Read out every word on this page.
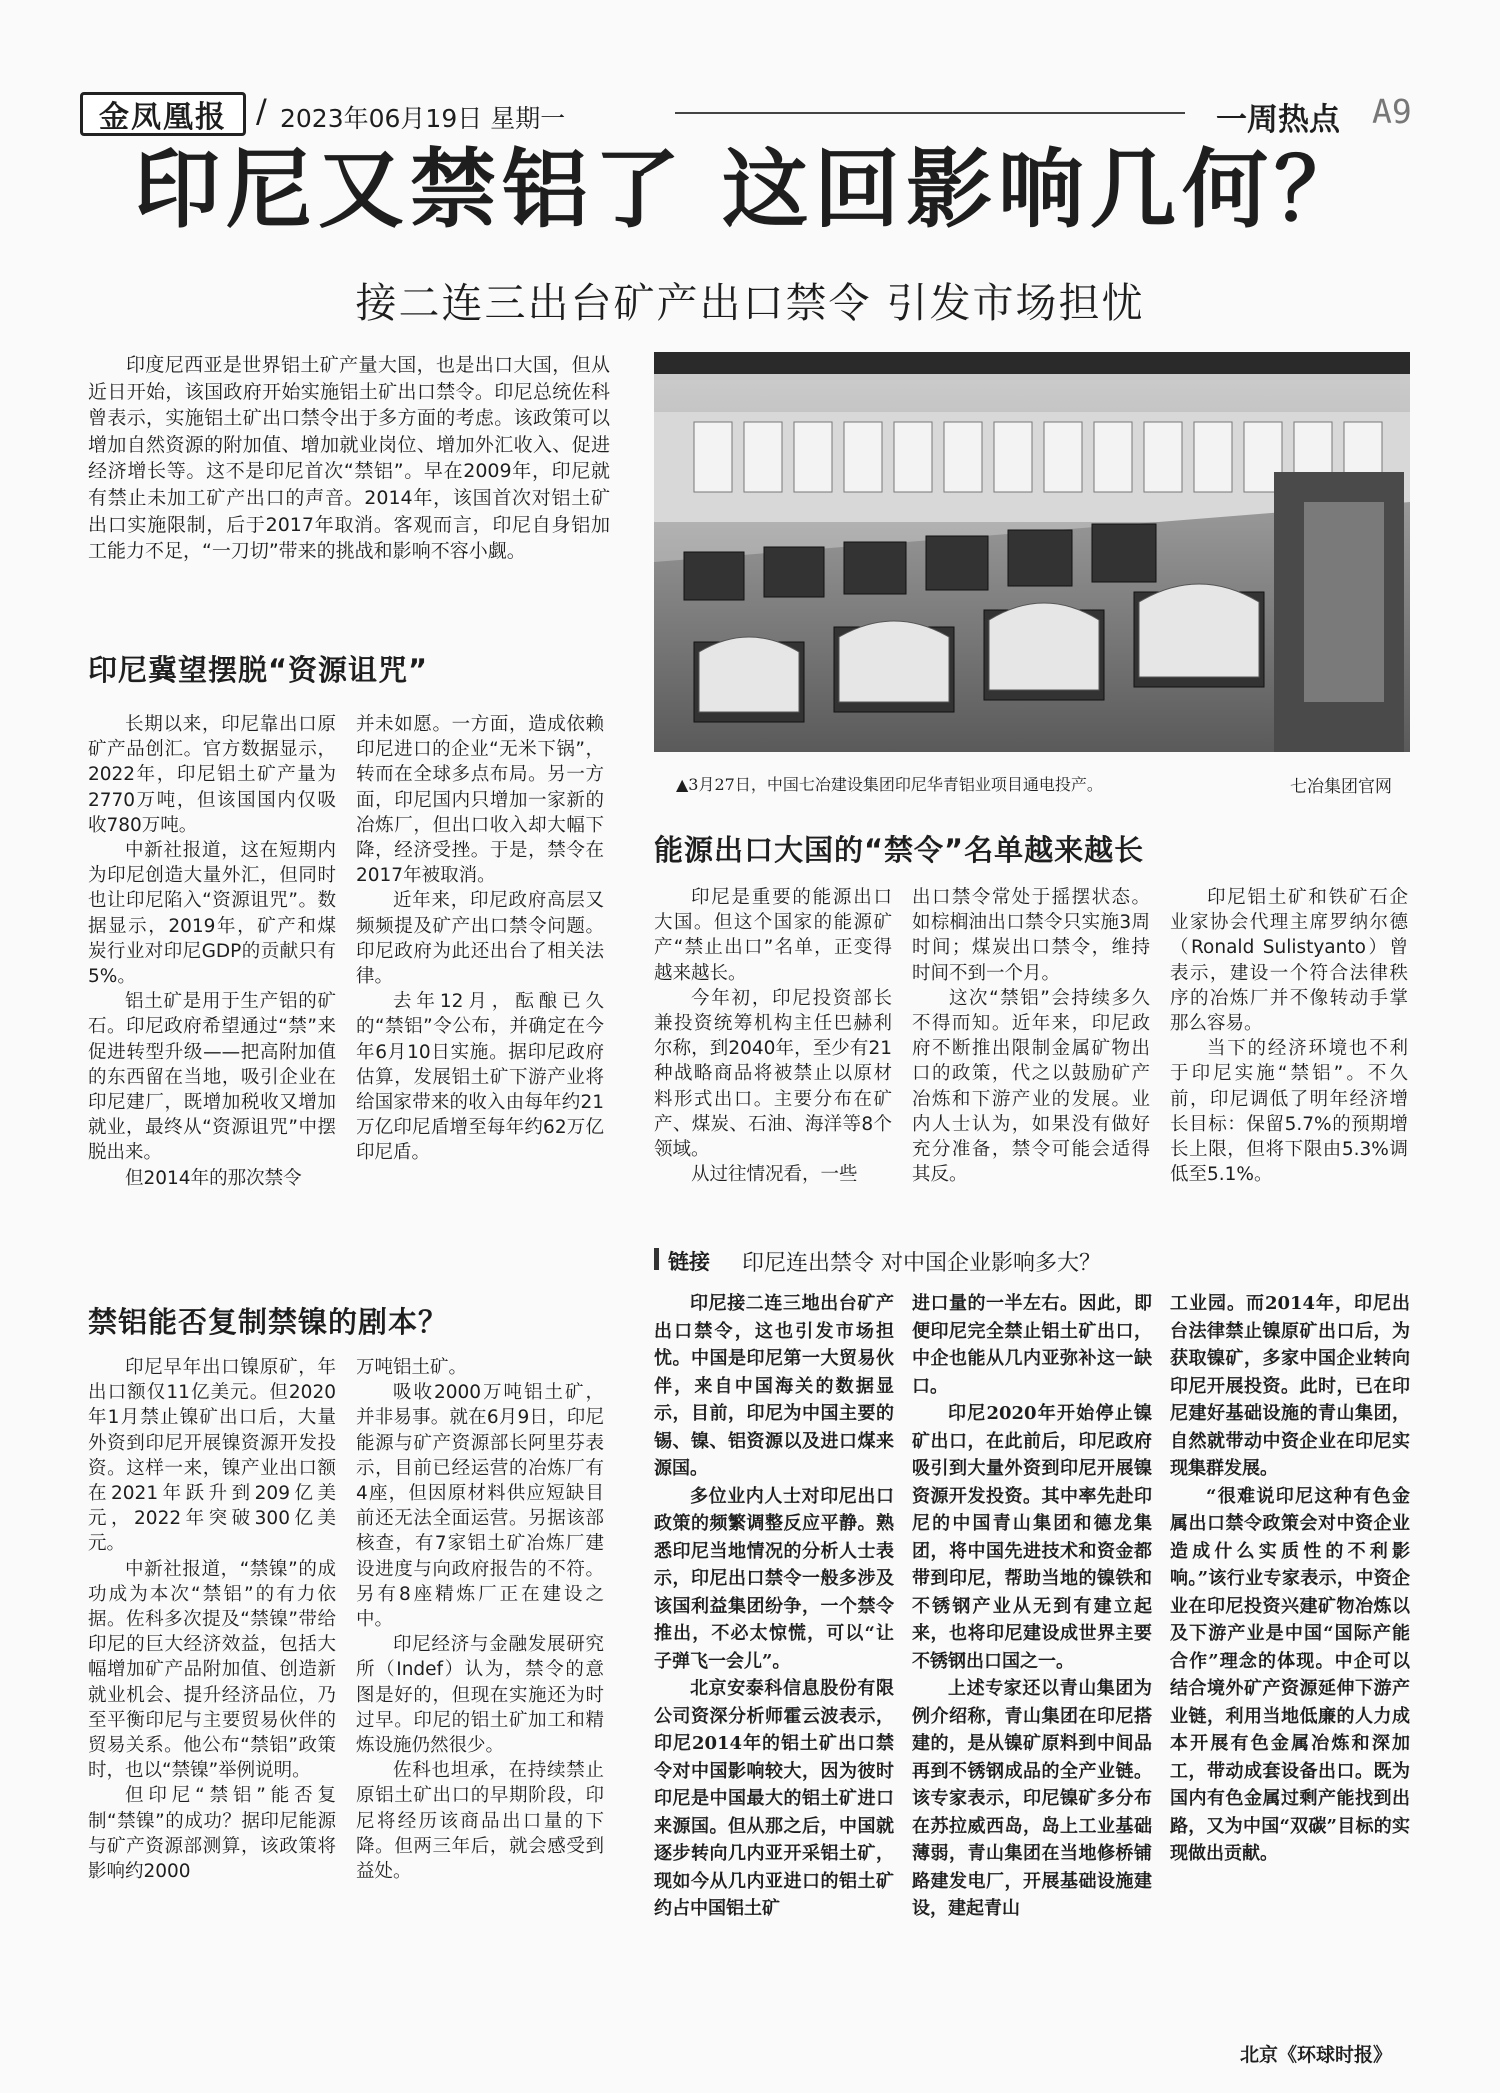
金凤凰报 / 2023年06月19日 星期一	一周热点 A9
印尼又禁铝了 这回影响几何？
接二连三出台矿产出口禁令 引发市场担忧

印度尼西亚是世界铝土矿产量大国，也是出口大国，但从近日开始，该国政府开始实施铝土矿出口禁令。印尼总统佐科曾表示，实施铝土矿出口禁令出于多方面的考虑。该政策可以增加自然资源的附加值、增加就业岗位、增加外汇收入、促进经济增长等。这不是印尼首次“禁铝”。早在2009年，印尼就有禁止未加工矿产出口的声音。2014年，该国首次对铝土矿出口实施限制，后于2017年取消。客观而言，印尼自身铝加工能力不足，“一刀切”带来的挑战和影响不容小觑。

▲3月27日，中国七冶建设集团印尼华青铝业项目通电投产。	七冶集团官网
印尼冀望摆脱“资源诅咒”

长期以来，印尼靠出口原矿产品创汇。官方数据显示，2022年，印尼铝土矿产量为2770万吨，但该国国内仅吸收780万吨。

中新社报道，这在短期内为印尼创造大量外汇，但同时也让印尼陷入“资源诅咒”。数据显示，2019年，矿产和煤炭行业对印尼GDP的贡献只有5%。

铝土矿是用于生产铝的矿石。印尼政府希望通过“禁”来促进转型升级——把高附加值的东西留在当地，吸引企业在印尼建厂，既增加税收又增加就业，最终从“资源诅咒”中摆脱出来。

但2014年的那次禁令

并未如愿。一方面，造成依赖印尼进口的企业“无米下锅”，转而在全球多点布局。另一方面，印尼国内只增加一家新的冶炼厂，但出口收入却大幅下降，经济受挫。于是，禁令在2017年被取消。

近年来，印尼政府高层又频频提及矿产出口禁令问题。印尼政府为此还出台了相关法律。

去年12月，酝酿已久的“禁铝”令公布，并确定在今年6月10日实施。据印尼政府估算，发展铝土矿下游产业将给国家带来的收入由每年约21万亿印尼盾增至每年约62万亿印尼盾。

能源出口大国的“禁令”名单越来越长

印尼是重要的能源出口大国。但这个国家的能源矿产“禁止出口”名单，正变得越来越长。

今年初，印尼投资部长兼投资统筹机构主任巴赫利尔称，到2040年，至少有21种战略商品将被禁止以原材料形式出口。主要分布在矿产、煤炭、石油、海洋等8个领域。

从过往情况看，一些

出口禁令常处于摇摆状态。如棕榈油出口禁令只实施3周时间；煤炭出口禁令，维持时间不到一个月。

这次“禁铝”会持续多久不得而知。近年来，印尼政府不断推出限制金属矿物出口的政策，代之以鼓励矿产冶炼和下游产业的发展。业内人士认为，如果没有做好充分准备，禁令可能会适得其反。

印尼铝土矿和铁矿石企业家协会代理主席罗纳尔德（Ronald Sulistyanto）曾表示，建设一个符合法律秩序的冶炼厂并不像转动手掌那么容易。

当下的经济环境也不利于印尼实施“禁铝”。不久前，印尼调低了明年经济增长目标：保留5.7%的预期增长上限，但将下限由5.3%调低至5.1%。

禁铝能否复制禁镍的剧本？

印尼早年出口镍原矿，年出口额仅11亿美元。但2020年1月禁止镍矿出口后，大量外资到印尼开展镍资源开发投资。这样一来，镍产业出口额在2021年跃升到209亿美元，2022年突破300亿美元。

中新社报道，“禁镍”的成功成为本次“禁铝”的有力依据。佐科多次提及“禁镍”带给印尼的巨大经济效益，包括大幅增加矿产品附加值、创造新就业机会、提升经济品位，乃至平衡印尼与主要贸易伙伴的贸易关系。他公布“禁铝”政策时，也以“禁镍”举例说明。

但印尼“禁铝”能否复制“禁镍”的成功？据印尼能源与矿产资源部测算，该政策将影响约2000

万吨铝土矿。

吸收2000万吨铝土矿，并非易事。就在6月9日，印尼能源与矿产资源部长阿里芬表示，目前已经运营的冶炼厂有4座，但因原材料供应短缺目前还无法全面运营。另据该部核查，有7家铝土矿冶炼厂建设进度与向政府报告的不符。另有8座精炼厂正在建设之中。

印尼经济与金融发展研究所（Indef）认为，禁令的意图是好的，但现在实施还为时过早。印尼的铝土矿加工和精炼设施仍然很少。

佐科也坦承，在持续禁止原铝土矿出口的早期阶段，印尼将经历该商品出口量的下降。但两三年后，就会感受到益处。

链接 印尼连出禁令 对中国企业影响多大？

印尼接二连三地出台矿产出口禁令，这也引发市场担忧。中国是印尼第一大贸易伙伴，来自中国海关的数据显示，目前，印尼为中国主要的锡、镍、铝资源以及进口煤来源国。

多位业内人士对印尼出口政策的频繁调整反应平静。熟悉印尼当地情况的分析人士表示，印尼出口禁令一般多涉及该国利益集团纷争，一个禁令推出，不必太惊慌，可以“让子弹飞一会儿”。

北京安泰科信息股份有限公司资深分析师霍云波表示，印尼2014年的铝土矿出口禁令对中国影响较大，因为彼时印尼是中国最大的铝土矿进口来源国。但从那之后，中国就逐步转向几内亚开采铝土矿，现如今从几内亚进口的铝土矿约占中国铝土矿

进口量的一半左右。因此，即便印尼完全禁止铝土矿出口，中企也能从几内亚弥补这一缺口。

印尼2020年开始停止镍矿出口，在此前后，印尼政府吸引到大量外资到印尼开展镍资源开发投资。其中率先赴印尼的中国青山集团和德龙集团，将中国先进技术和资金都带到印尼，帮助当地的镍铁和不锈钢产业从无到有建立起来，也将印尼建设成世界主要不锈钢出口国之一。

上述专家还以青山集团为例介绍称，青山集团在印尼搭建的，是从镍矿原料到中间品再到不锈钢成品的全产业链。该专家表示，印尼镍矿多分布在苏拉威西岛，岛上工业基础薄弱，青山集团在当地修桥铺路建发电厂，开展基础设施建设，建起青山

工业园。而2014年，印尼出台法律禁止镍原矿出口后，为获取镍矿，多家中国企业转向印尼开展投资。此时，已在印尼建好基础设施的青山集团，自然就带动中资企业在印尼实现集群发展。

“很难说印尼这种有色金属出口禁令政策会对中资企业造成什么实质性的不利影响。”该行业专家表示，中资企业在印尼投资兴建矿物冶炼以及下游产业是中国“国际产能合作”理念的体现。中企可以结合境外矿产资源延伸下游产业链，利用当地低廉的人力成本开展有色金属冶炼和深加工，带动成套设备出口。既为国内有色金属过剩产能找到出路，又为中国“双碳”目标的实现做出贡献。

北京《环球时报》
